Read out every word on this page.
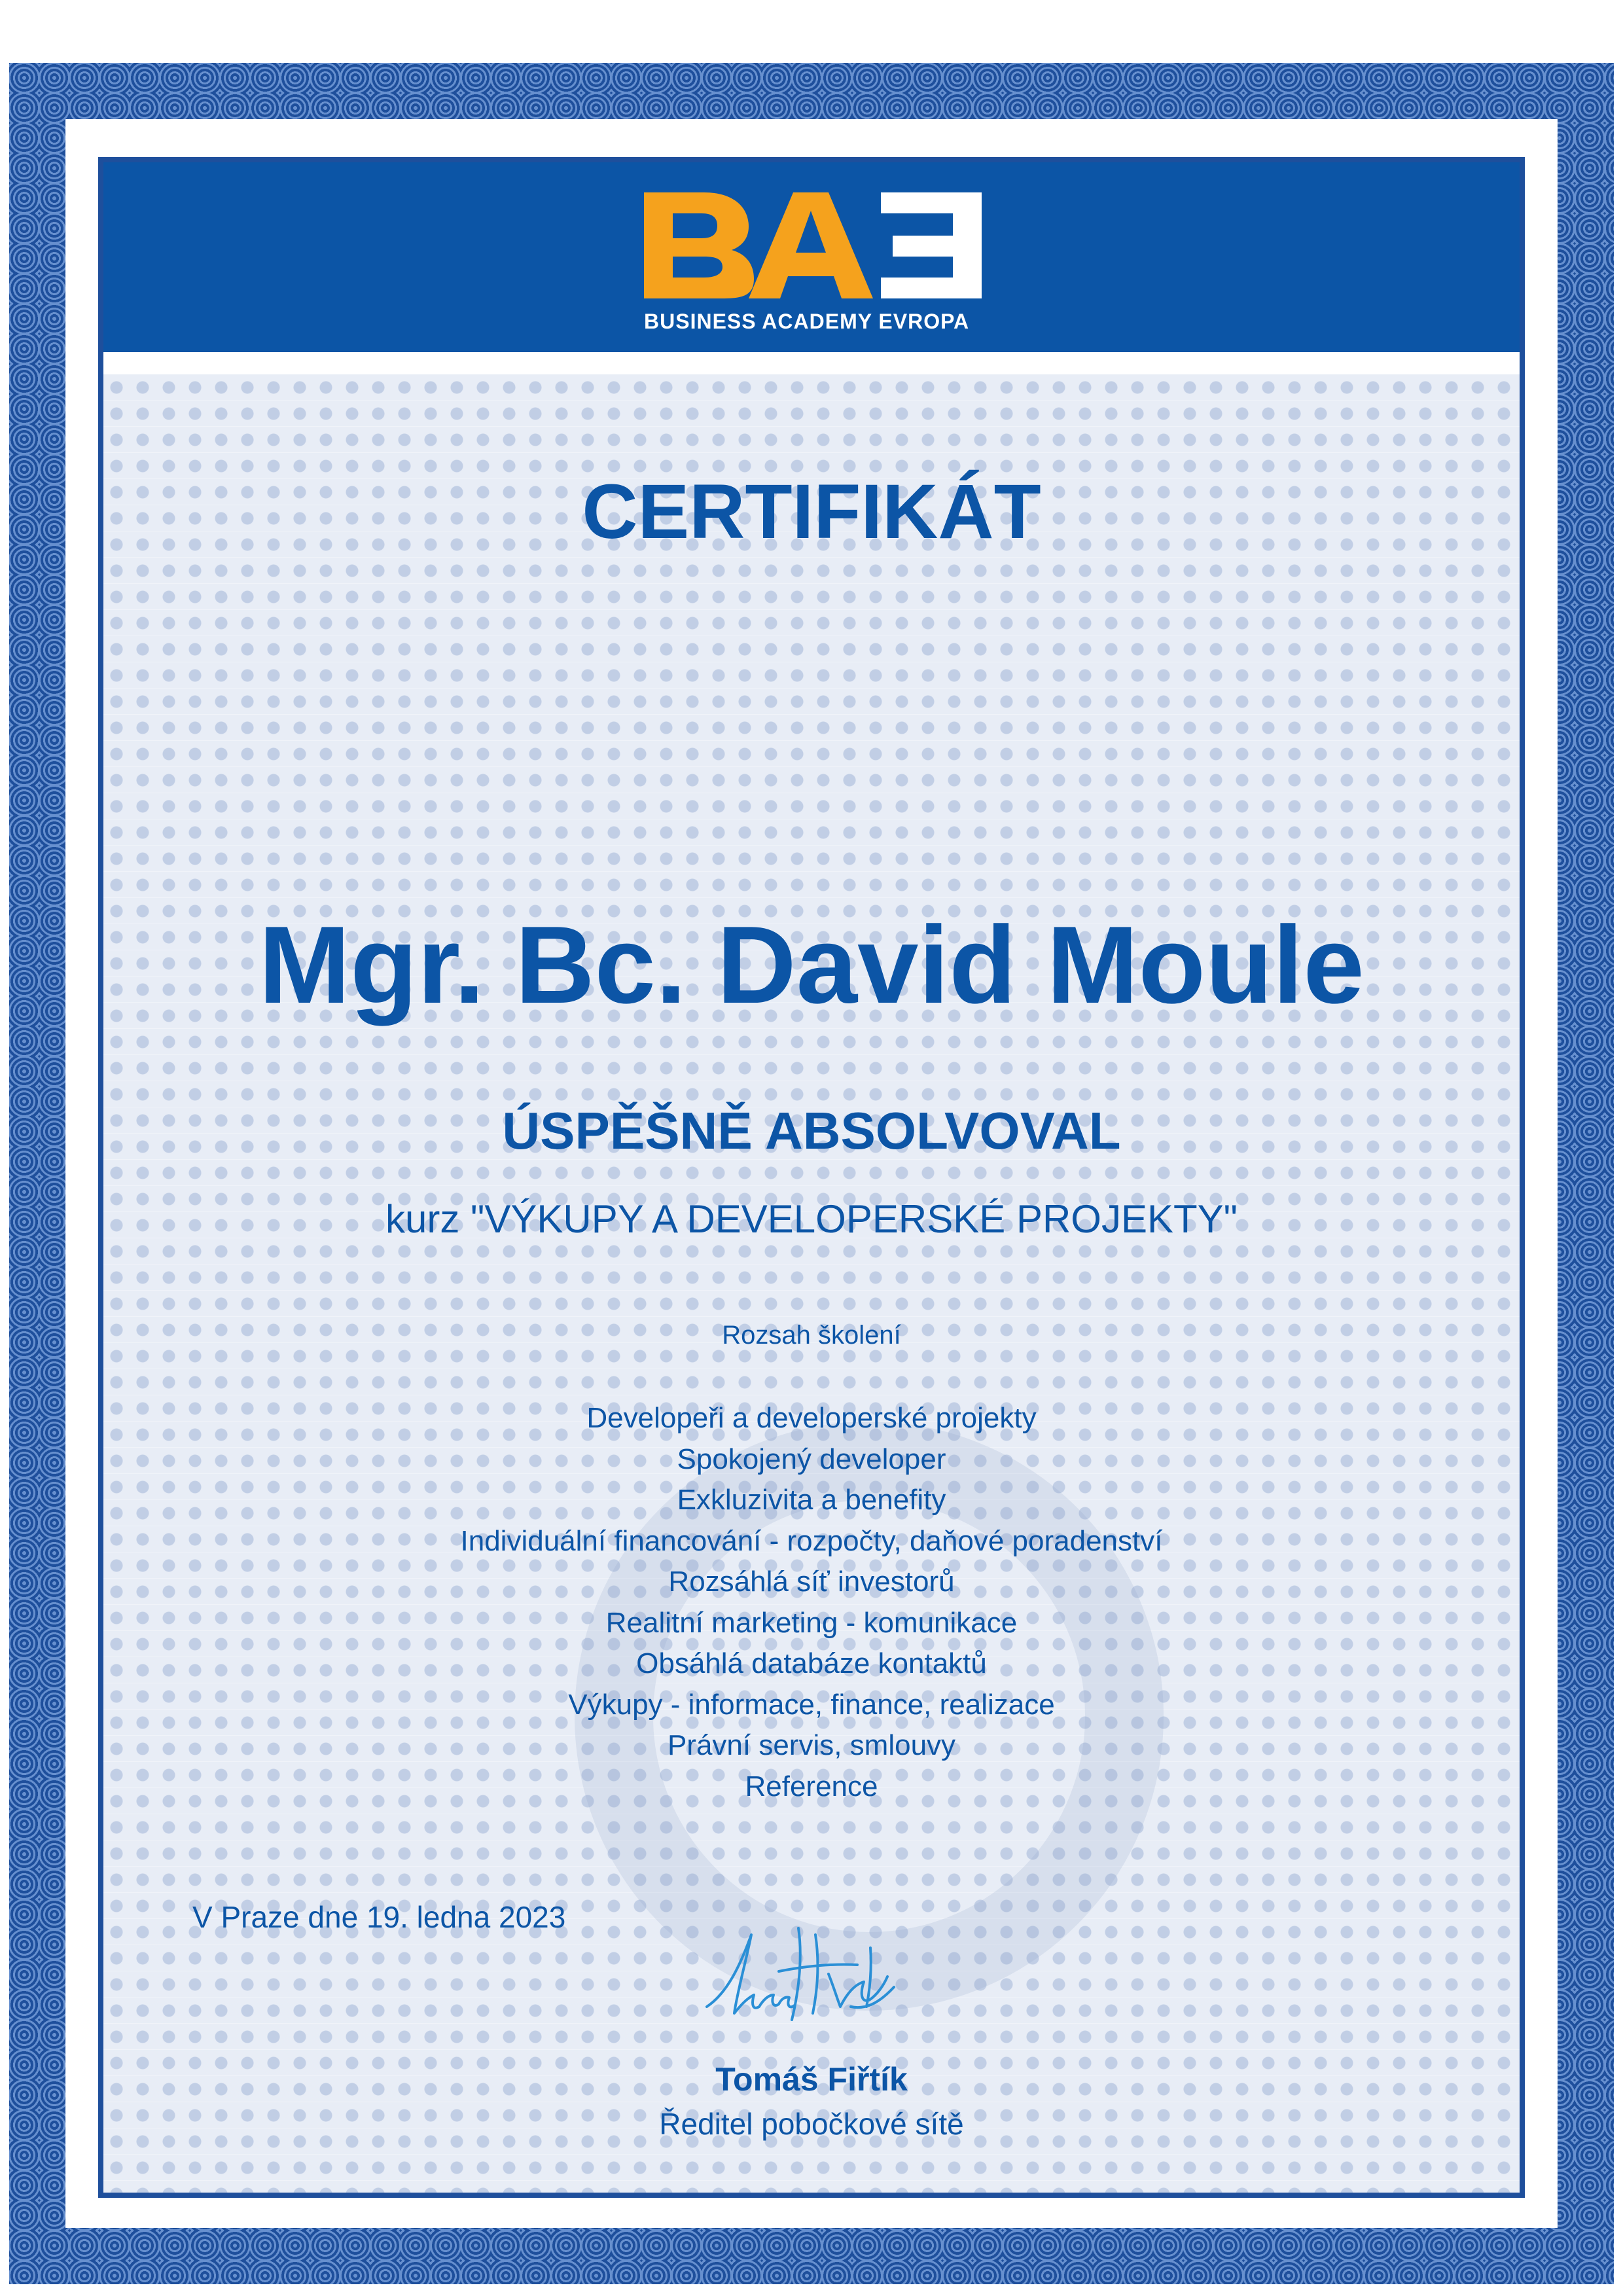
BUSINESS ACADEMY EVROPA
CERTIFIKÁT
Mgr. Bc. David Moule
ÚSPĚŠNĚ ABSOLVOVAL
kurz "VÝKUPY A DEVELOPERSKÉ PROJEKTY"
Rozsah školení
Developeři a developerské projekty
Spokojený developer
Exkluzivita a benefity
Individuální financování - rozpočty, daňové poradenství
Rozsáhlá síť investorů
Realitní marketing - komunikace
Obsáhlá databáze kontaktů
Výkupy - informace, finance, realizace
Právní servis, smlouvy
Reference
V Praze dne 19. ledna 2023
Tomáš Fiřtík
Ředitel pobočkové sítě
